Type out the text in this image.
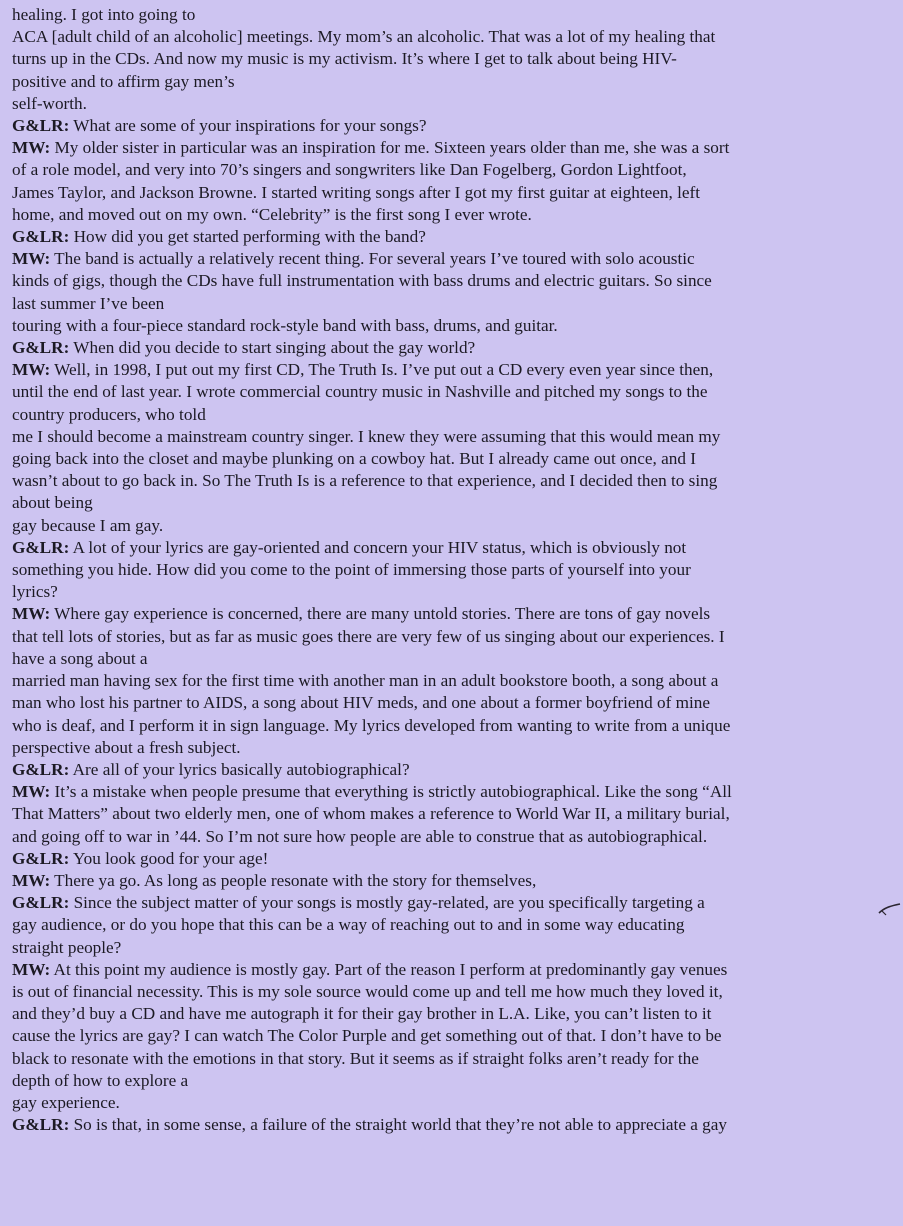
healing. I got into going to
ACA [adult child of an alcoholic] meetings. My mom’s an alcoholic. That was a lot of my healing that
turns up in the CDs. And now my music is my activism. It’s where I get to talk about being HIV-
positive and to affirm gay men’s
self-worth.
G&LR: What are some of your inspirations for your songs?
MW: My older sister in particular was an inspiration for me. Sixteen years older than me, she was a sort
of a role model, and very into 70’s singers and songwriters like Dan Fogelberg, Gordon Lightfoot,
James Taylor, and Jackson Browne. I started writing songs after I got my first guitar at eighteen, left
home, and moved out on my own. “Celebrity” is the first song I ever wrote.
G&LR: How did you get started performing with the band?
MW: The band is actually a relatively recent thing. For several years I’ve toured with solo acoustic
kinds of gigs, though the CDs have full instrumentation with bass drums and electric guitars. So since
last summer I’ve been
touring with a four-piece standard rock-style band with bass, drums, and guitar.
G&LR: When did you decide to start singing about the gay world?
MW: Well, in 1998, I put out my first CD, The Truth Is. I’ve put out a CD every even year since then,
until the end of last year. I wrote commercial country music in Nashville and pitched my songs to the
country producers, who told
me I should become a mainstream country singer. I knew they were assuming that this would mean my
going back into the closet and maybe plunking on a cowboy hat. But I already came out once, and I
wasn’t about to go back in. So The Truth Is is a reference to that experience, and I decided then to sing
about being
gay because I am gay.
G&LR: A lot of your lyrics are gay-oriented and concern your HIV status, which is obviously not
something you hide. How did you come to the point of immersing those parts of yourself into your
lyrics?
MW: Where gay experience is concerned, there are many untold stories. There are tons of gay novels
that tell lots of stories, but as far as music goes there are very few of us singing about our experiences. I
have a song about a
married man having sex for the first time with another man in an adult bookstore booth, a song about a
man who lost his partner to AIDS, a song about HIV meds, and one about a former boyfriend of mine
who is deaf, and I perform it in sign language. My lyrics developed from wanting to write from a unique
perspective about a fresh subject.
G&LR: Are all of your lyrics basically autobiographical?
MW: It’s a mistake when people presume that everything is strictly autobiographical. Like the song “All
That Matters” about two elderly men, one of whom makes a reference to World War II, a military burial,
and going off to war in ’44. So I’m not sure how people are able to construe that as autobiographical.
G&LR: You look good for your age!
MW: There ya go. As long as people resonate with the story for themselves,
G&LR: Since the subject matter of your songs is mostly gay-related, are you specifically targeting a
gay audience, or do you hope that this can be a way of reaching out to and in some way educating
straight people?
MW: At this point my audience is mostly gay. Part of the reason I perform at predominantly gay venues
is out of financial necessity. This is my sole source would come up and tell me how much they loved it,
and they’d buy a CD and have me autograph it for their gay brother in L.A. Like, you can’t listen to it
cause the lyrics are gay? I can watch The Color Purple and get something out of that. I don’t have to be
black to resonate with the emotions in that story. But it seems as if straight folks aren’t ready for the
depth of how to explore a
gay experience.
G&LR: So is that, in some sense, a failure of the straight world that they’re not able to appreciate a gay
